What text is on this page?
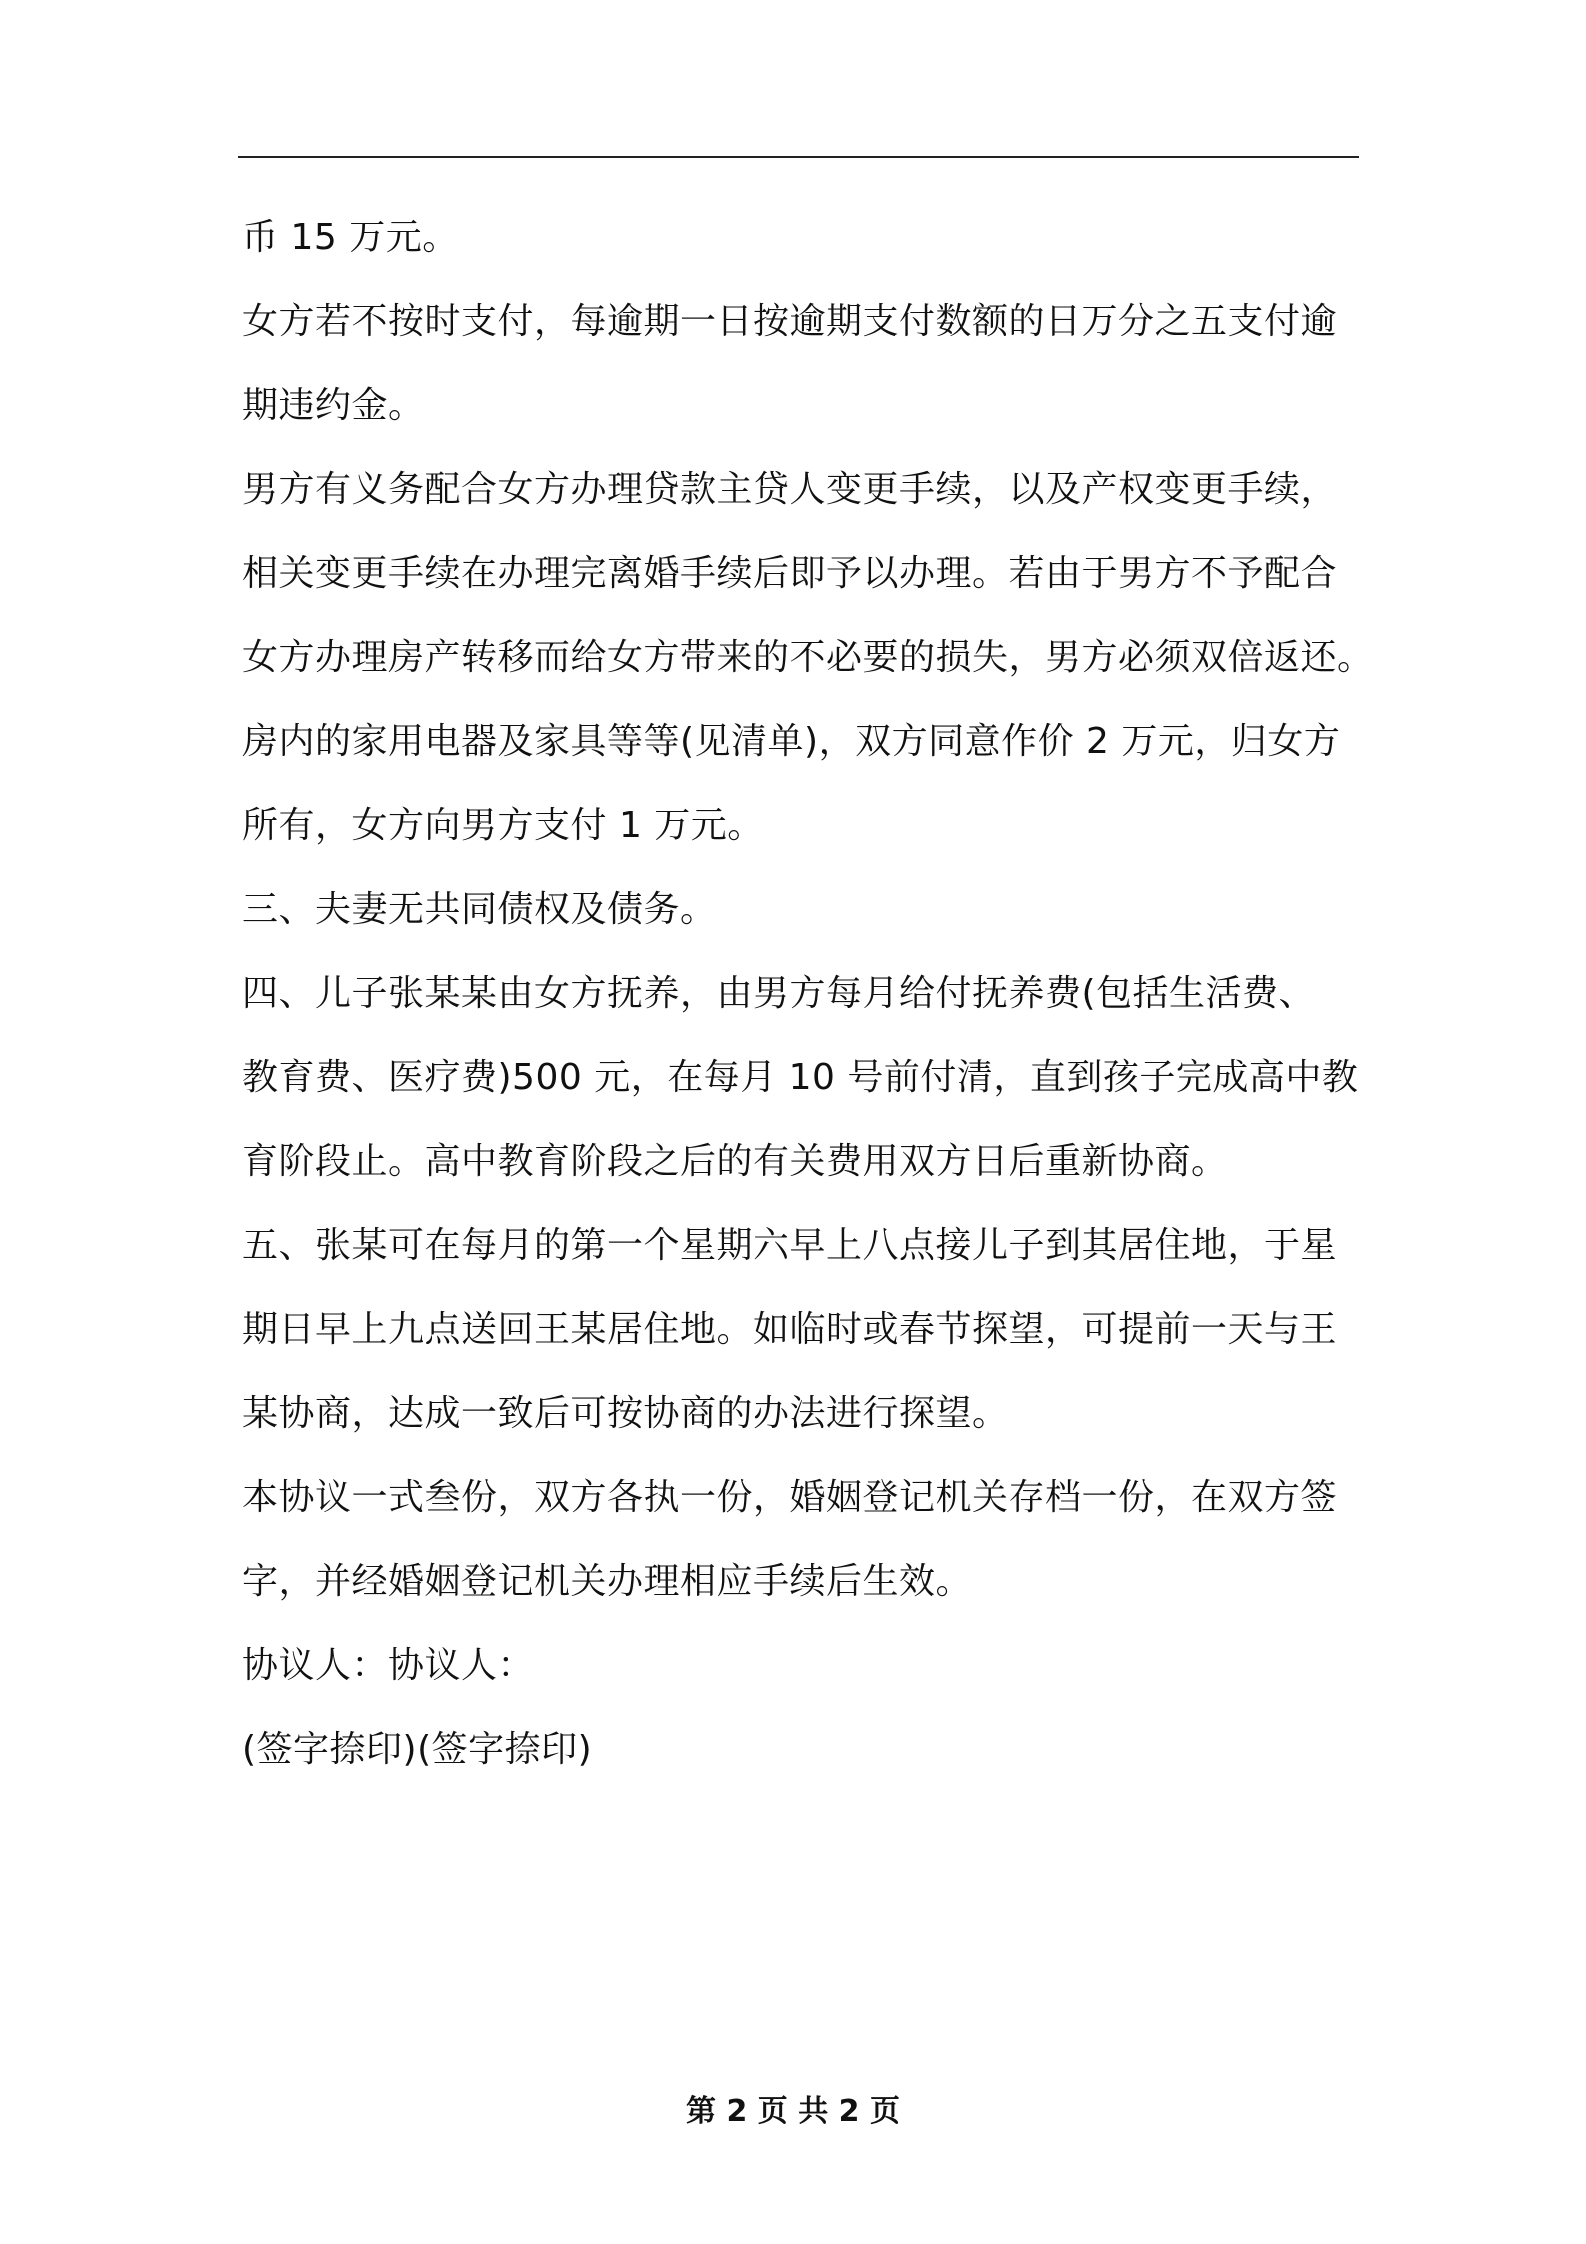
币 15 万元。
女方若不按时支付，每逾期一日按逾期支付数额的日万分之五支付逾
期违约金。
男方有义务配合女方办理贷款主贷人变更手续，以及产权变更手续，
相关变更手续在办理完离婚手续后即予以办理。若由于男方不予配合
女方办理房产转移而给女方带来的不必要的损失，男方必须双倍返还。
房内的家用电器及家具等等(见清单)，双方同意作价 2 万元，归女方
所有，女方向男方支付 1 万元。
三、夫妻无共同债权及债务。
四、儿子张某某由女方抚养，由男方每月给付抚养费(包括生活费、
教育费、医疗费)500 元，在每月 10 号前付清，直到孩子完成高中教
育阶段止。高中教育阶段之后的有关费用双方日后重新协商。
五、张某可在每月的第一个星期六早上八点接儿子到其居住地，于星
期日早上九点送回王某居住地。如临时或春节探望，可提前一天与王
某协商，达成一致后可按协商的办法进行探望。
本协议一式叁份，双方各执一份，婚姻登记机关存档一份，在双方签
字，并经婚姻登记机关办理相应手续后生效。
协议人：协议人：
(签字捺印)(签字捺印)
第 2 页 共 2 页
